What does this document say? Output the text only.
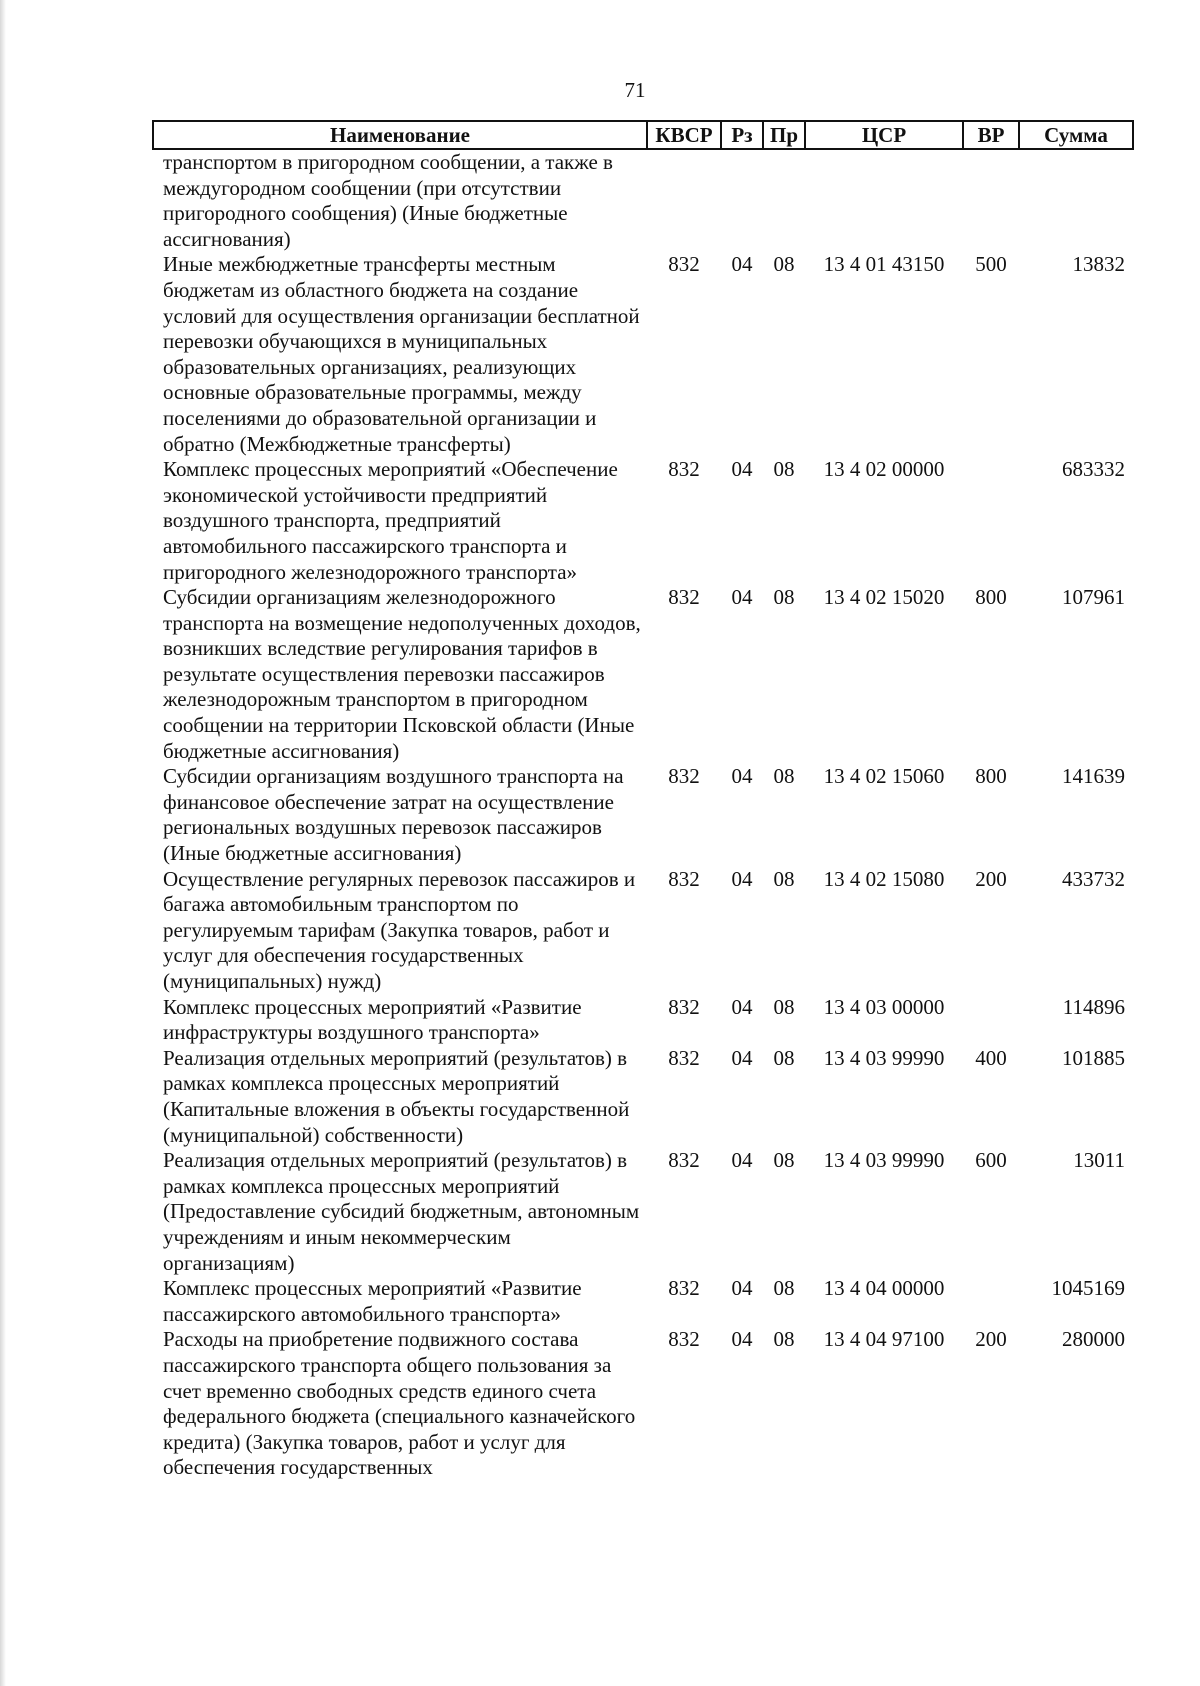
71
Наименование	КВСР	Рз	Пр	ЦСР	ВР	Сумма
транспортом в пригородном сообщении, а также в междугородном сообщении (при отсутствии пригородного сообщения) (Иные бюджетные ассигнования)						
Иные межбюджетные трансферты местным бюджетам из областного бюджета на создание условий для осуществления организации бесплатной перевозки обучающихся в муниципальных образовательных организациях, реализующих основные образовательные программы, между поселениями до образовательной организации и обратно (Межбюджетные трансферты)	832	04	08	13 4 01 43150	500	13832
Комплекс процессных мероприятий «Обеспечение экономической устойчивости предприятий воздушного транспорта, предприятий автомобильного пассажирского транспорта и пригородного железнодорожного транспорта»	832	04	08	13 4 02 00000		683332
Субсидии организациям железнодорожного транспорта на возмещение недополученных доходов, возникших вследствие регулирования тарифов в результате осуществления перевозки пассажиров железнодорожным транспортом в пригородном сообщении на территории Псковской области (Иные бюджетные ассигнования)	832	04	08	13 4 02 15020	800	107961
Субсидии организациям воздушного транспорта на финансовое обеспечение затрат на осуществление региональных воздушных перевозок пассажиров (Иные бюджетные ассигнования)	832	04	08	13 4 02 15060	800	141639
Осуществление регулярных перевозок пассажиров и багажа автомобильным транспортом по регулируемым тарифам (Закупка товаров, работ и услуг для обеспечения государственных (муниципальных) нужд)	832	04	08	13 4 02 15080	200	433732
Комплекс процессных мероприятий «Развитие инфраструктуры воздушного транспорта»	832	04	08	13 4 03 00000		114896
Реализация отдельных мероприятий (результатов) в рамках комплекса процессных мероприятий (Капитальные вложения в объекты государственной (муниципальной) собственности)	832	04	08	13 4 03 99990	400	101885
Реализация отдельных мероприятий (результатов) в рамках комплекса процессных мероприятий (Предоставление субсидий бюджетным, автономным учреждениям и иным некоммерческим организациям)	832	04	08	13 4 03 99990	600	13011
Комплекс процессных мероприятий «Развитие пассажирского автомобильного транспорта»	832	04	08	13 4 04 00000		1045169
Расходы на приобретение подвижного состава пассажирского транспорта общего пользования за счет временно свободных средств единого счета федерального бюджета (специального казначейского кредита) (Закупка товаров, работ и услуг для обеспечения государственных	832	04	08	13 4 04 97100	200	280000
